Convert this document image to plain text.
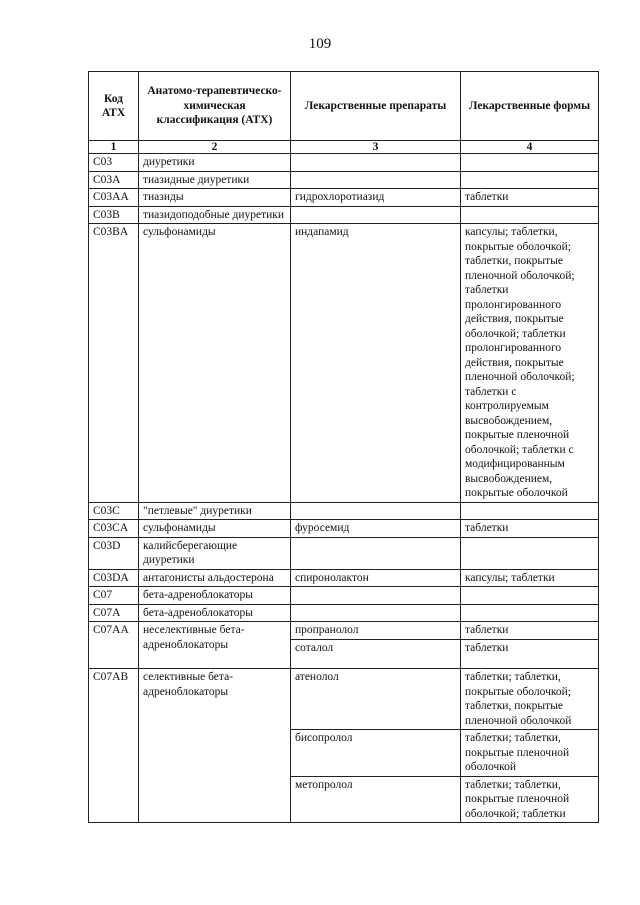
109
Код АТХ	Анатомо-терапевтическо-химическая классификация (АТХ)	Лекарственные препараты	Лекарственные формы
1	2	3	4
C03	диуретики		
C03A	тиазидные диуретики		
C03AA	тиазиды	гидрохлоротиазид	таблетки
C03B	тиазидоподобные диуретики		
C03BA	сульфонамиды	индапамид	капсулы; таблетки, покрытые оболочкой; таблетки, покрытые пленочной оболочкой; таблетки пролонгированного действия, покрытые оболочкой; таблетки пролонгированного действия, покрытые пленочной оболочкой; таблетки с контролируемым высвобождением, покрытые пленочной оболочкой; таблетки с модифицированным высвобождением, покрытые оболочкой
C03C	"петлевые" диуретики		
C03CA	сульфонамиды	фуросемид	таблетки
C03D	калийсберегающие диуретики		
C03DA	антагонисты альдостерона	спиронолактон	капсулы; таблетки
C07	бета-адреноблокаторы		
C07A	бета-адреноблокаторы		
C07AA	неселективные бета-адреноблокаторы	пропранолол	таблетки
		соталол	таблетки
C07AB	селективные бета-адреноблокаторы	атенолол	таблетки; таблетки, покрытые оболочкой; таблетки, покрытые пленочной оболочкой
		бисопролол	таблетки; таблетки, покрытые пленочной оболочкой
		метопролол	таблетки; таблетки, покрытые пленочной оболочкой; таблетки
